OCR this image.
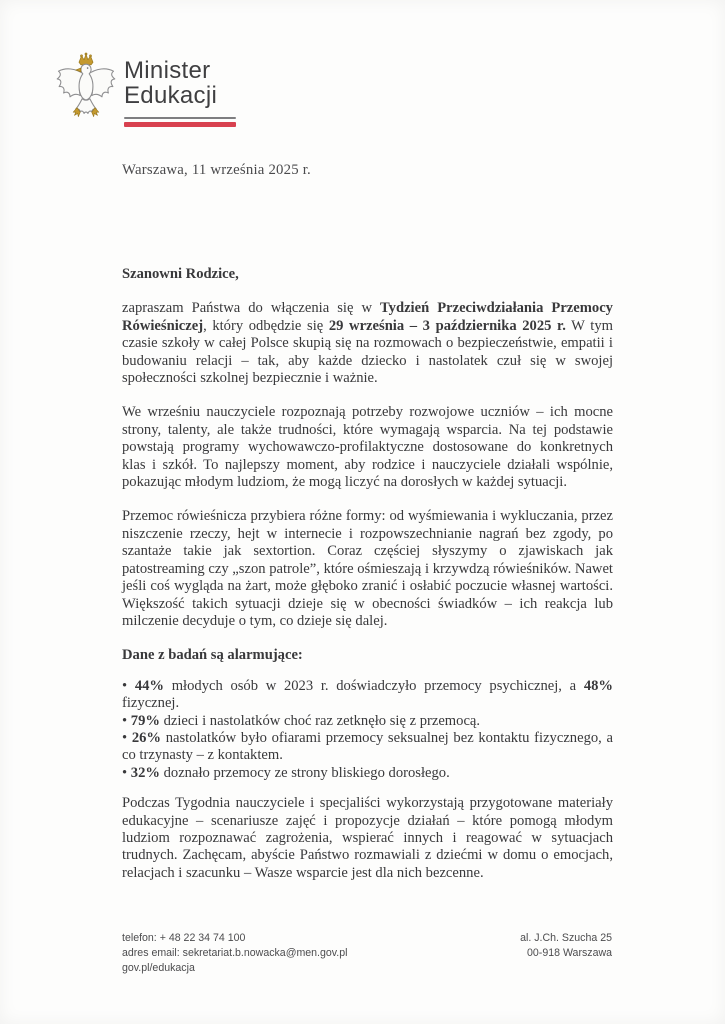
Minister
Edukacji
Warszawa, 11 września 2025 r.

Szanowni Rodzice,

zapraszam Państwa do włączenia się w Tydzień Przeciwdziałania Przemocy Rówieśniczej, który odbędzie się 29 września – 3 października 2025 r. W tym czasie szkoły w całej Polsce skupią się na rozmowach o bezpieczeństwie, empatii i budowaniu relacji – tak, aby każde dziecko i nastolatek czuł się w swojej społeczności szkolnej bezpiecznie i ważnie.

We wrześniu nauczyciele rozpoznają potrzeby rozwojowe uczniów – ich mocne strony, talenty, ale także trudności, które wymagają wsparcia. Na tej podstawie powstają programy wychowawczo-profilaktyczne dostosowane do konkretnych klas i szkół. To najlepszy moment, aby rodzice i nauczyciele działali wspólnie, pokazując młodym ludziom, że mogą liczyć na dorosłych w każdej sytuacji.

Przemoc rówieśnicza przybiera różne formy: od wyśmiewania i wykluczania, przez niszczenie rzeczy, hejt w internecie i rozpowszechnianie nagrań bez zgody, po szantaże takie jak sextortion. Coraz częściej słyszymy o zjawiskach jak patostreaming czy „szon patrole”, które ośmieszają i krzywdzą rówieśników. Nawet jeśli coś wygląda na żart, może głęboko zranić i osłabić poczucie własnej wartości. Większość takich sytuacji dzieje się w obecności świadków – ich reakcja lub milczenie decyduje o tym, co dzieje się dalej.

Dane z badań są alarmujące:

• 44% młodych osób w 2023 r. doświadczyło przemocy psychicznej, a 48% fizycznej.

• 79% dzieci i nastolatków choć raz zetknęło się z przemocą.

• 26% nastolatków było ofiarami przemocy seksualnej bez kontaktu fizycznego, a co trzynasty – z kontaktem.

• 32% doznało przemocy ze strony bliskiego dorosłego.

Podczas Tygodnia nauczyciele i specjaliści wykorzystają przygotowane materiały edukacyjne – scenariusze zajęć i propozycje działań – które pomogą młodym ludziom rozpoznawać zagrożenia, wspierać innych i reagować w sytuacjach trudnych. Zachęcam, abyście Państwo rozmawiali z dziećmi w domu o emocjach, relacjach i szacunku – Wasze wsparcie jest dla nich bezcenne.

telefon: + 48 22 34 74 100
adres email: sekretariat.b.nowacka@men.gov.pl
gov.pl/edukacja
al. J.Ch. Szucha 25
00-918 Warszawa
